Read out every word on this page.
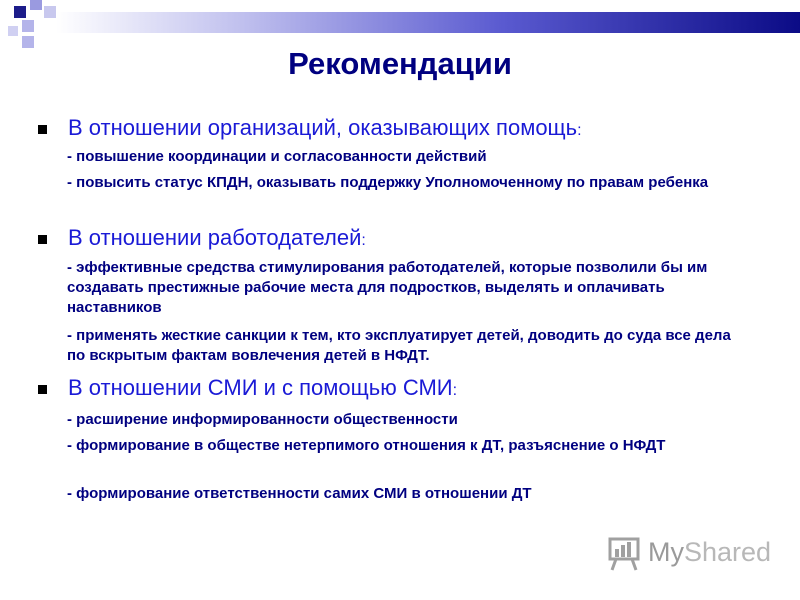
Рекомендации
В отношении организаций, оказывающих помощь:
- повышение координации и согласованности действий
- повысить статус КПДН, оказывать поддержку Уполномоченному по правам ребенка
В отношении работодателей:
- эффективные средства стимулирования работодателей, которые позволили бы им создавать престижные рабочие места для подростков, выделять и оплачивать наставников
- применять жесткие санкции к тем, кто эксплуатирует детей, доводить до суда все дела по вскрытым фактам вовлечения детей в НФДТ.
В отношении СМИ и с помощью СМИ:
- расширение информированности общественности
- формирование в обществе нетерпимого отношения к ДТ, разъяснение о НФДТ
- формирование ответственности самих СМИ в отношении ДТ
MyShared
